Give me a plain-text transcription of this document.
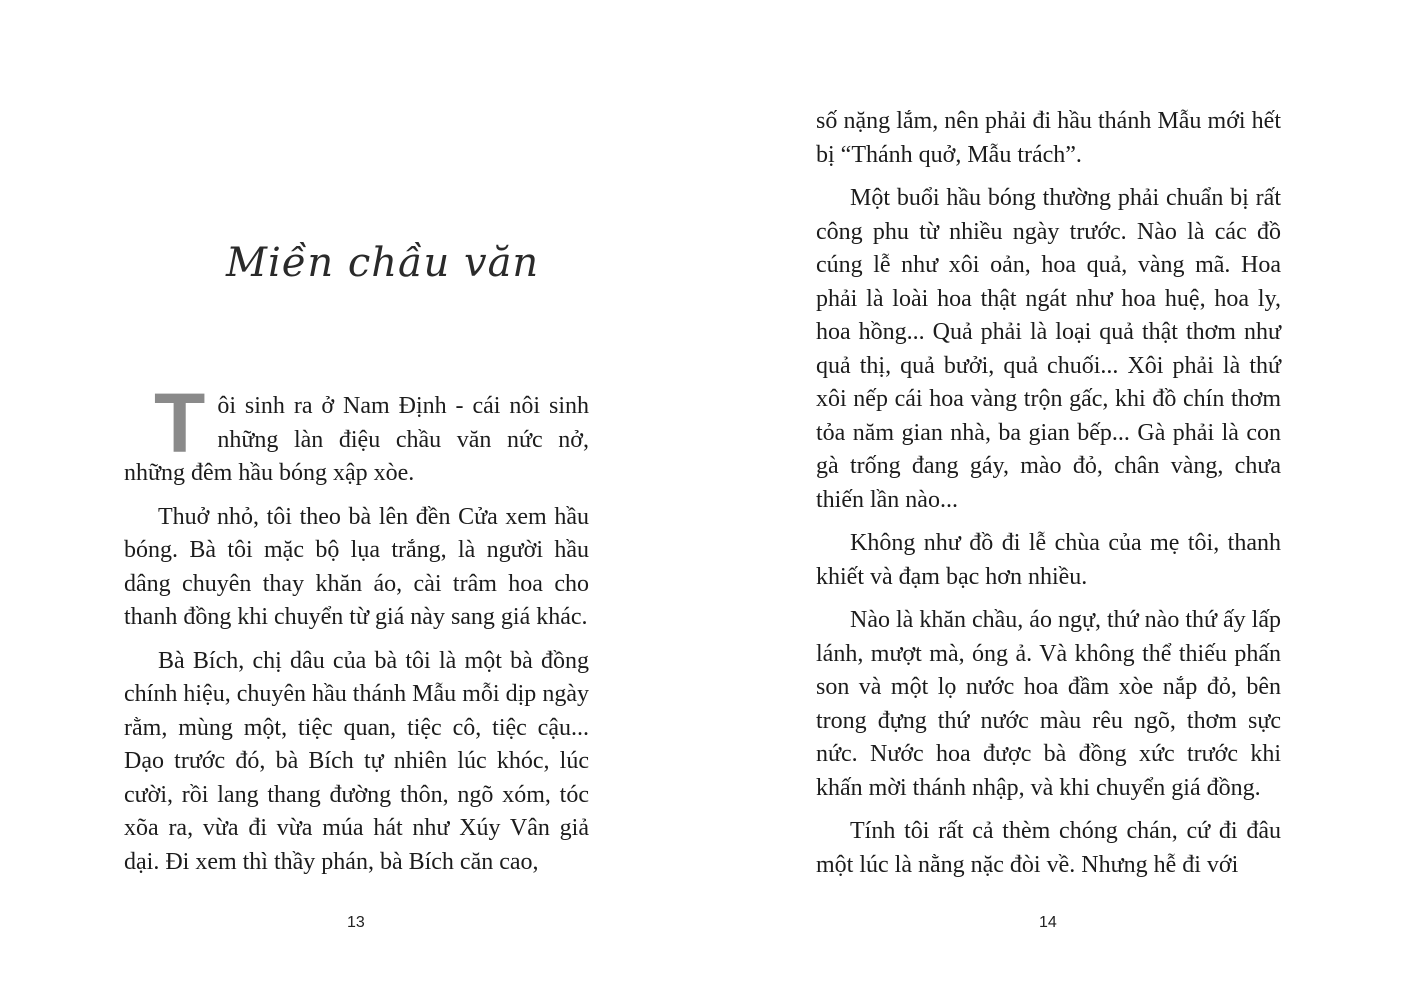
Miền chầu văn

Tôi sinh ra ở Nam Định - cái nôi sinh những làn điệu chầu văn nức nở, những đêm hầu bóng xập xòe.

Thuở nhỏ, tôi theo bà lên đền Cửa xem hầu bóng. Bà tôi mặc bộ lụa trắng, là người hầu dâng chuyên thay khăn áo, cài trâm hoa cho thanh đồng khi chuyển từ giá này sang giá khác.

Bà Bích, chị dâu của bà tôi là một bà đồng chính hiệu, chuyên hầu thánh Mẫu mỗi dịp ngày rằm, mùng một, tiệc quan, tiệc cô, tiệc cậu... Dạo trước đó, bà Bích tự nhiên lúc khóc, lúc cười, rồi lang thang đường thôn, ngõ xóm, tóc xõa ra, vừa đi vừa múa hát như Xúy Vân giả dại. Đi xem thì thầy phán, bà Bích căn cao,

13

số nặng lắm, nên phải đi hầu thánh Mẫu mới hết bị “Thánh quở, Mẫu trách”.

Một buổi hầu bóng thường phải chuẩn bị rất công phu từ nhiều ngày trước. Nào là các đồ cúng lễ như xôi oản, hoa quả, vàng mã. Hoa phải là loài hoa thật ngát như hoa huệ, hoa ly, hoa hồng... Quả phải là loại quả thật thơm như quả thị, quả bưởi, quả chuối... Xôi phải là thứ xôi nếp cái hoa vàng trộn gấc, khi đồ chín thơm tỏa năm gian nhà, ba gian bếp... Gà phải là con gà trống đang gáy, mào đỏ, chân vàng, chưa thiến lần nào...

Không như đồ đi lễ chùa của mẹ tôi, thanh khiết và đạm bạc hơn nhiều.

Nào là khăn chầu, áo ngự, thứ nào thứ ấy lấp lánh, mượt mà, óng ả. Và không thể thiếu phấn son và một lọ nước hoa đầm xòe nắp đỏ, bên trong đựng thứ nước màu rêu ngõ, thơm sực nức. Nước hoa được bà đồng xức trước khi khấn mời thánh nhập, và khi chuyển giá đồng.

Tính tôi rất cả thèm chóng chán, cứ đi đâu một lúc là nằng nặc đòi về. Nhưng hễ đi với

14
